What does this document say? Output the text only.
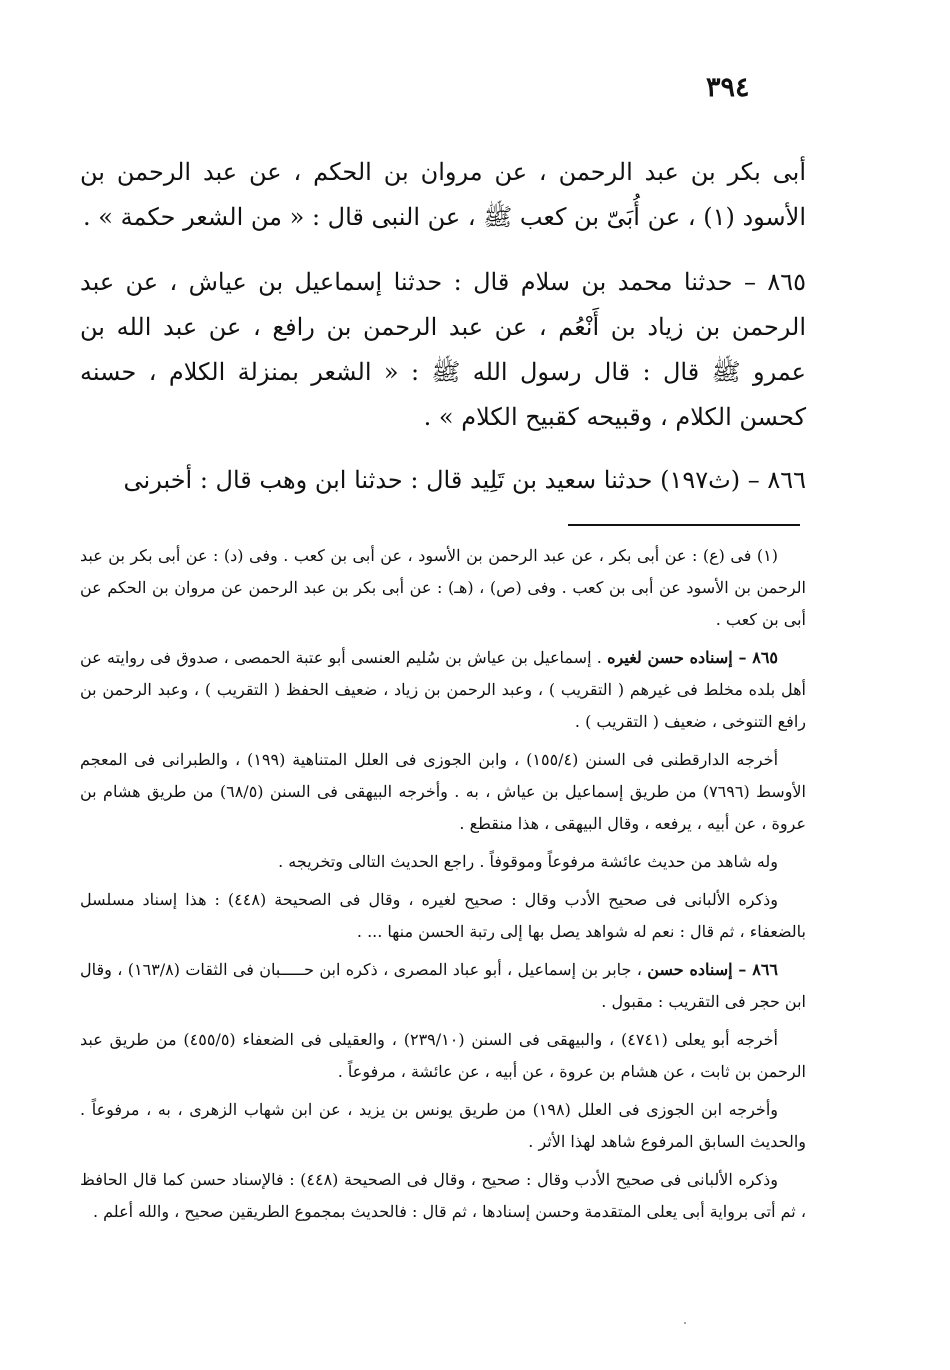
٣٩٤

أبى بكر بن عبد الرحمن ، عن مروان بن الحكم ، عن عبد الرحمن بن الأسود (١) ، عن أُبَىّ بن كعب ﷺ ، عن النبى قال : « من الشعر حكمة » .

٨٦٥ – حدثنا محمد بن سلام قال : حدثنا إسماعيل بن عياش ، عن عبد الرحمن بن زياد بن أَنْعُم ، عن عبد الرحمن بن رافع ، عن عبد الله بن عمرو ﷺ قال : قال رسول الله ﷺ : « الشعر بمنزلة الكلام ، حسنه كحسن الكلام ، وقبيحه كقبيح الكلام » .

٨٦٦ – (ث١٩٧) حدثنا سعيد بن تَلِيد قال : حدثنا ابن وهب قال : أخبرنى

(١) فى (ع) : عن أبى بكر ، عن عبد الرحمن بن الأسود ، عن أبى بن كعب . وفى (د) : عن أبى بكر بن عبد الرحمن بن الأسود عن أبى بن كعب . وفى (ص) ، (هـ) : عن أبى بكر بن عبد الرحمن عن مروان بن الحكم عن أبى بن كعب .

٨٦٥ – إسناده حسن لغيره . إسماعيل بن عياش بن سُليم العنسى أبو عتبة الحمصى ، صدوق فى روايته عن أهل بلده مخلط فى غيرهم ( التقريب ) ، وعبد الرحمن بن زياد ، ضعيف الحفظ ( التقريب ) ، وعبد الرحمن بن رافع التنوخى ، ضعيف ( التقريب ) .

أخرجه الدارقطنى فى السنن (١٥٥/٤) ، وابن الجوزى فى العلل المتناهية (١٩٩) ، والطبرانى فى المعجم الأوسط (٧٦٩٦) من طريق إسماعيل بن عياش ، به . وأخرجه البيهقى فى السنن (٦٨/٥) من طريق هشام بن عروة ، عن أبيه ، يرفعه ، وقال البيهقى ، هذا منقطع .

وله شاهد من حديث عائشة مرفوعاً وموقوفاً . راجع الحديث التالى وتخريجه .

وذكره الألبانى فى صحيح الأدب وقال : صحيح لغيره ، وقال فى الصحيحة (٤٤٨) : هذا إسناد مسلسل بالضعفاء ، ثم قال : نعم له شواهد يصل بها إلى رتبة الحسن منها ... .

٨٦٦ – إسناده حسن ، جابر بن إسماعيل ، أبو عباد المصرى ، ذكره ابن حـــــبان فى الثقات (١٦٣/٨) ، وقال ابن حجر فى التقريب : مقبول .

أخرجه أبو يعلى (٤٧٤١) ، والبيهقى فى السنن (٢٣٩/١٠) ، والعقيلى فى الضعفاء (٤٥٥/٥) من طريق عبد الرحمن بن ثابت ، عن هشام بن عروة ، عن أبيه ، عن عائشة ، مرفوعاً .

وأخرجه ابن الجوزى فى العلل (١٩٨) من طريق يونس بن يزيد ، عن ابن شهاب الزهرى ، به ، مرفوعاً . والحديث السابق المرفوع شاهد لهذا الأثر .

وذكره الألبانى فى صحيح الأدب وقال : صحيح ، وقال فى الصحيحة (٤٤٨) : فالإسناد حسن كما قال الحافظ ، ثم أتى برواية أبى يعلى المتقدمة وحسن إسنادها ، ثم قال : فالحديث بمجموع الطريقين صحيح ، والله أعلم .
